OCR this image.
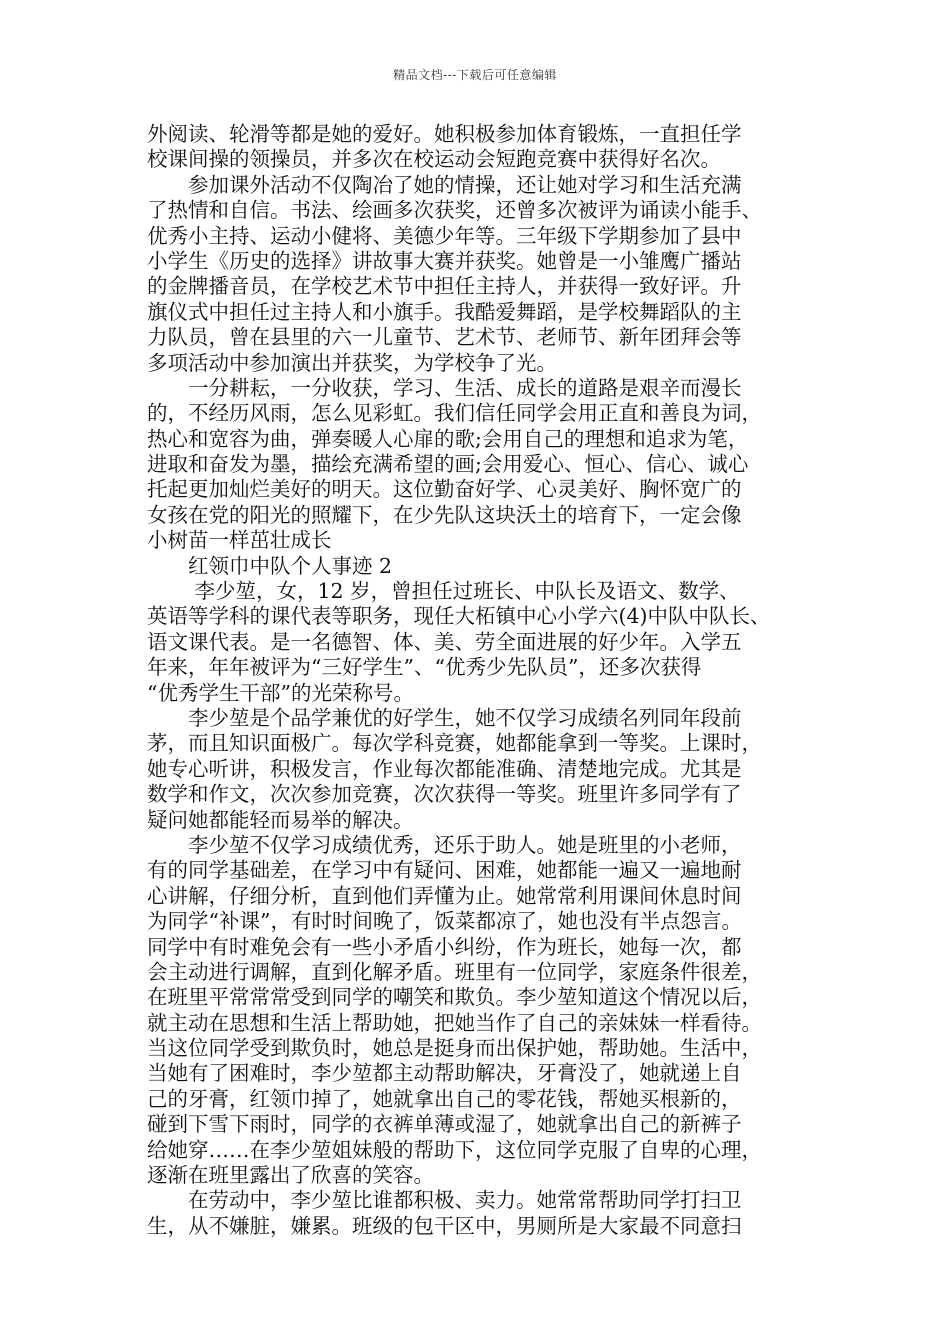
精品文档---下载后可任意编辑
外阅读、轮滑等都是她的爱好。她积极参加体育锻炼，一直担任学
校课间操的领操员，并多次在校运动会短跑竞赛中获得好名次。
　　参加课外活动不仅陶冶了她的情操，还让她对学习和生活充满
了热情和自信。书法、绘画多次获奖，还曾多次被评为诵读小能手、
优秀小主持、运动小健将、美德少年等。三年级下学期参加了县中
小学生《历史的选择》讲故事大赛并获奖。她曾是一小雏鹰广播站
的金牌播音员，在学校艺术节中担任主持人，并获得一致好评。升
旗仪式中担任过主持人和小旗手。我酷爱舞蹈，是学校舞蹈队的主
力队员，曾在县里的六一儿童节、艺术节、老师节、新年团拜会等
多项活动中参加演出并获奖，为学校争了光。
　　一分耕耘，一分收获，学习、生活、成长的道路是艰辛而漫长
的，不经历风雨，怎么见彩虹。我们信任同学会用正直和善良为词，
热心和宽容为曲，弹奏暖人心扉的歌;会用自己的理想和追求为笔，
进取和奋发为墨，描绘充满希望的画;会用爱心、恒心、信心、诚心
托起更加灿烂美好的明天。这位勤奋好学、心灵美好、胸怀宽广的
女孩在党的阳光的照耀下，在少先队这块沃土的培育下，一定会像
小树苗一样茁壮成长
　　红领巾中队个人事迹 2
　　 李少堃，女，12 岁，曾担任过班长、中队长及语文、数学、
英语等学科的课代表等职务，现任大柘镇中心小学六(4)中队中队长、
语文课代表。是一名德智、体、美、劳全面进展的好少年。入学五
年来，年年被评为“三好学生”、“优秀少先队员”，还多次获得
“优秀学生干部”的光荣称号。
　　李少堃是个品学兼优的好学生，她不仅学习成绩名列同年段前
茅，而且知识面极广。每次学科竞赛，她都能拿到一等奖。上课时，
她专心听讲，积极发言，作业每次都能准确、清楚地完成。尤其是
数学和作文，次次参加竞赛，次次获得一等奖。班里许多同学有了
疑问她都能轻而易举的解决。
　　李少堃不仅学习成绩优秀，还乐于助人。她是班里的小老师，
有的同学基础差，在学习中有疑问、困难，她都能一遍又一遍地耐
心讲解，仔细分析，直到他们弄懂为止。她常常利用课间休息时间
为同学“补课”，有时时间晚了，饭菜都凉了，她也没有半点怨言。
同学中有时难免会有一些小矛盾小纠纷，作为班长，她每一次，都
会主动进行调解，直到化解矛盾。班里有一位同学，家庭条件很差，
在班里平常常常受到同学的嘲笑和欺负。李少堃知道这个情况以后，
就主动在思想和生活上帮助她，把她当作了自己的亲妹妹一样看待。
当这位同学受到欺负时，她总是挺身而出保护她，帮助她。生活中，
当她有了困难时，李少堃都主动帮助解决，牙膏没了，她就递上自
己的牙膏，红领巾掉了，她就拿出自己的零花钱，帮她买根新的，
碰到下雪下雨时，同学的衣裤单薄或湿了，她就拿出自己的新裤子
给她穿……在李少堃姐妹般的帮助下，这位同学克服了自卑的心理，
逐渐在班里露出了欣喜的笑容。
　　在劳动中，李少堃比谁都积极、卖力。她常常帮助同学打扫卫
生，从不嫌脏，嫌累。班级的包干区中，男厕所是大家最不同意扫
